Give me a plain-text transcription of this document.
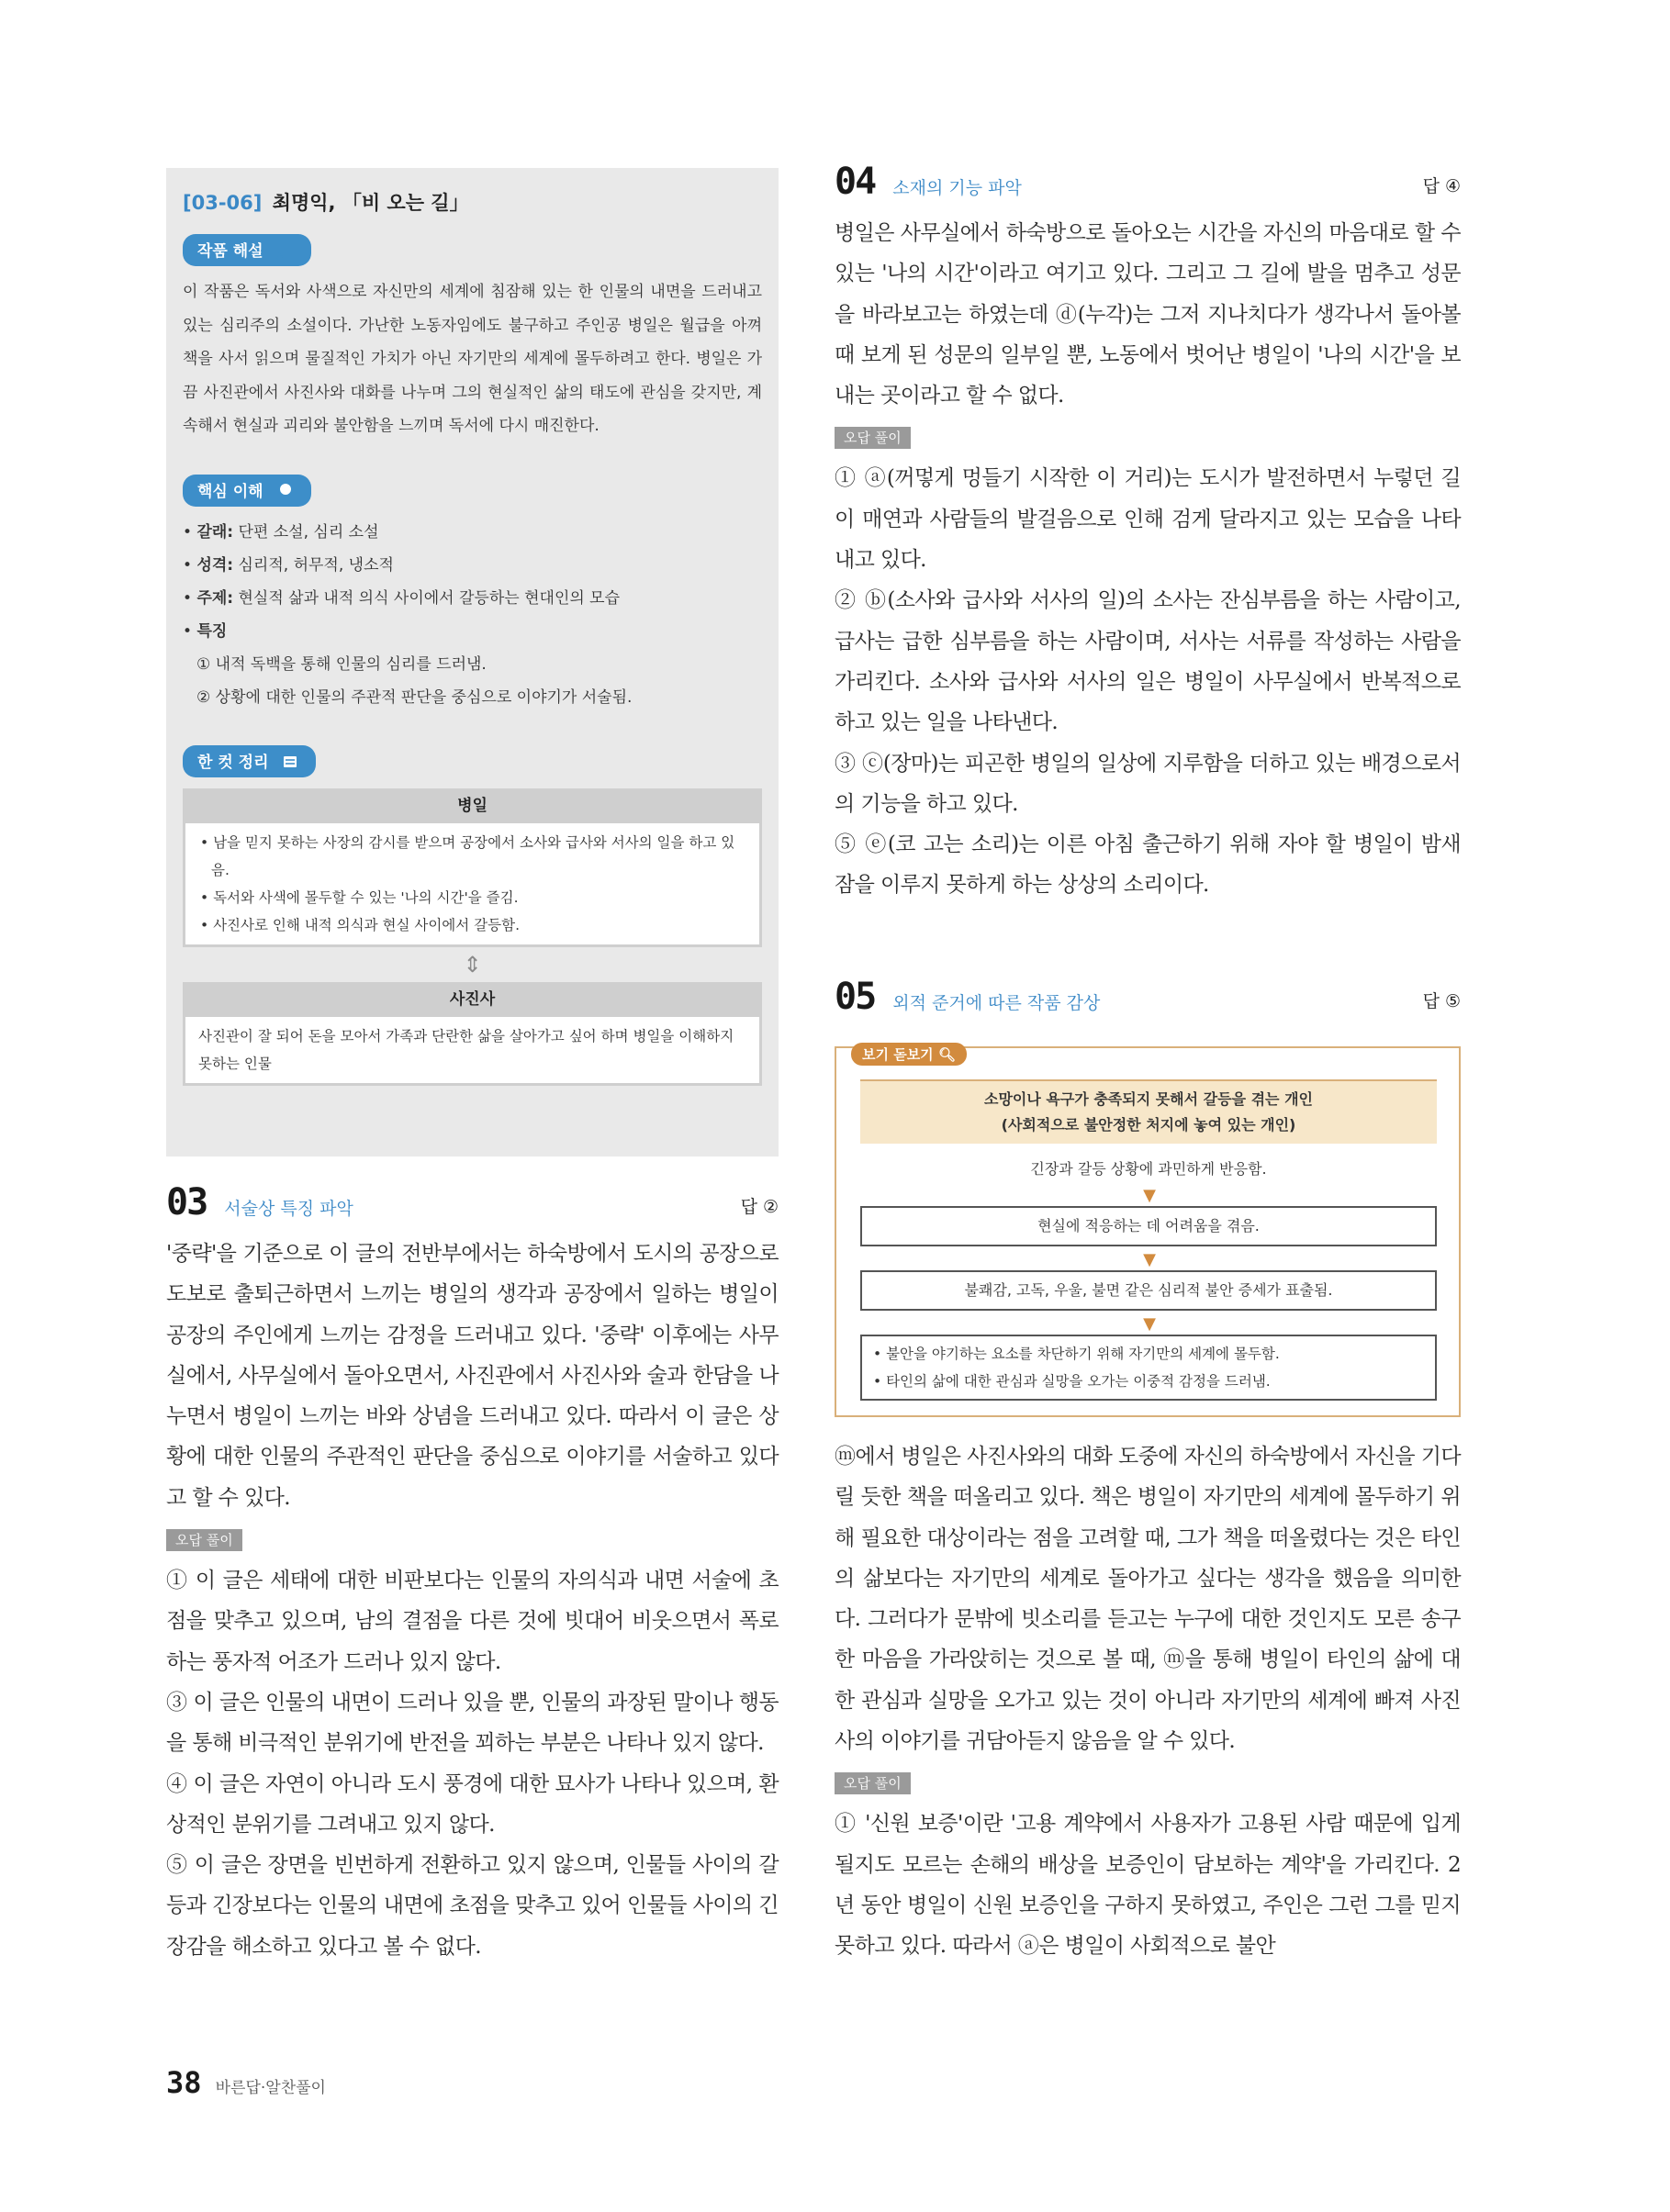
[03-06] 최명익, 「비 오는 길」
작품 해설

이 작품은 독서와 사색으로 자신만의 세계에 침잠해 있는 한 인물의 내면을 드러내고 있는 심리주의 소설이다. 가난한 노동자임에도 불구하고 주인공 병일은 월급을 아껴 책을 사서 읽으며 물질적인 가치가 아닌 자기만의 세계에 몰두하려고 한다. 병일은 가끔 사진관에서 사진사와 대화를 나누며 그의 현실적인 삶의 태도에 관심을 갖지만, 계속해서 현실과 괴리와 불안함을 느끼며 독서에 다시 매진한다.

핵심 이해
• 갈래: 단편 소설, 심리 소설
• 성격: 심리적, 허무적, 냉소적
• 주제: 현실적 삶과 내적 의식 사이에서 갈등하는 현대인의 모습
• 특징
① 내적 독백을 통해 인물의 심리를 드러냄.
② 상황에 대한 인물의 주관적 판단을 중심으로 이야기가 서술됨.
한 컷 정리
병일
• 남을 믿지 못하는 사장의 감시를 받으며 공장에서 소사와 급사와 서사의 일을 하고 있음.
• 독서와 사색에 몰두할 수 있는 '나의 시간'을 즐김.
• 사진사로 인해 내적 의식과 현실 사이에서 갈등함.
⇕
사진사
사진관이 잘 되어 돈을 모아서 가족과 단란한 삶을 살아가고 싶어 하며 병일을 이해하지 못하는 인물
03 서술상 특징 파악	답 ②

'중략'을 기준으로 이 글의 전반부에서는 하숙방에서 도시의 공장으로 도보로 출퇴근하면서 느끼는 병일의 생각과 공장에서 일하는 병일이 공장의 주인에게 느끼는 감정을 드러내고 있다. '중략' 이후에는 사무실에서, 사무실에서 돌아오면서, 사진관에서 사진사와 술과 한담을 나누면서 병일이 느끼는 바와 상념을 드러내고 있다. 따라서 이 글은 상황에 대한 인물의 주관적인 판단을 중심으로 이야기를 서술하고 있다고 할 수 있다.

오답 풀이

① 이 글은 세태에 대한 비판보다는 인물의 자의식과 내면 서술에 초점을 맞추고 있으며, 남의 결점을 다른 것에 빗대어 비웃으면서 폭로하는 풍자적 어조가 드러나 있지 않다.

③ 이 글은 인물의 내면이 드러나 있을 뿐, 인물의 과장된 말이나 행동을 통해 비극적인 분위기에 반전을 꾀하는 부분은 나타나 있지 않다.

④ 이 글은 자연이 아니라 도시 풍경에 대한 묘사가 나타나 있으며, 환상적인 분위기를 그려내고 있지 않다.

⑤ 이 글은 장면을 빈번하게 전환하고 있지 않으며, 인물들 사이의 갈등과 긴장보다는 인물의 내면에 초점을 맞추고 있어 인물들 사이의 긴장감을 해소하고 있다고 볼 수 없다.

04 소재의 기능 파악	답 ④

병일은 사무실에서 하숙방으로 돌아오는 시간을 자신의 마음대로 할 수 있는 '나의 시간'이라고 여기고 있다. 그리고 그 길에 발을 멈추고 성문을 바라보고는 하였는데 ⓓ(누각)는 그저 지나치다가 생각나서 돌아볼 때 보게 된 성문의 일부일 뿐, 노동에서 벗어난 병일이 '나의 시간'을 보내는 곳이라고 할 수 없다.

오답 풀이

① ⓐ(꺼멓게 멍들기 시작한 이 거리)는 도시가 발전하면서 누렇던 길이 매연과 사람들의 발걸음으로 인해 검게 달라지고 있는 모습을 나타내고 있다.

② ⓑ(소사와 급사와 서사의 일)의 소사는 잔심부름을 하는 사람이고, 급사는 급한 심부름을 하는 사람이며, 서사는 서류를 작성하는 사람을 가리킨다. 소사와 급사와 서사의 일은 병일이 사무실에서 반복적으로 하고 있는 일을 나타낸다.

③ ⓒ(장마)는 피곤한 병일의 일상에 지루함을 더하고 있는 배경으로서의 기능을 하고 있다.

⑤ ⓔ(코 고는 소리)는 이른 아침 출근하기 위해 자야 할 병일이 밤새 잠을 이루지 못하게 하는 상상의 소리이다.

05 외적 준거에 따른 작품 감상	답 ⑤
보기 돋보기 🔍︎
소망이나 욕구가 충족되지 못해서 갈등을 겪는 개인
(사회적으로 불안정한 처지에 놓여 있는 개인)
긴장과 갈등 상황에 과민하게 반응함.
▼
현실에 적응하는 데 어려움을 겪음.
▼
불쾌감, 고독, 우울, 불면 같은 심리적 불안 증세가 표출됨.
▼
• 불안을 야기하는 요소를 차단하기 위해 자기만의 세계에 몰두함.
• 타인의 삶에 대한 관심과 실망을 오가는 이중적 감정을 드러냄.

ⓜ에서 병일은 사진사와의 대화 도중에 자신의 하숙방에서 자신을 기다릴 듯한 책을 떠올리고 있다. 책은 병일이 자기만의 세계에 몰두하기 위해 필요한 대상이라는 점을 고려할 때, 그가 책을 떠올렸다는 것은 타인의 삶보다는 자기만의 세계로 돌아가고 싶다는 생각을 했음을 의미한다. 그러다가 문밖에 빗소리를 듣고는 누구에 대한 것인지도 모른 송구한 마음을 가라앉히는 것으로 볼 때, ⓜ을 통해 병일이 타인의 삶에 대한 관심과 실망을 오가고 있는 것이 아니라 자기만의 세계에 빠져 사진사의 이야기를 귀담아듣지 않음을 알 수 있다.

오답 풀이

① '신원 보증'이란 '고용 계약에서 사용자가 고용된 사람 때문에 입게 될지도 모르는 손해의 배상을 보증인이 담보하는 계약'을 가리킨다. 2년 동안 병일이 신원 보증인을 구하지 못하였고, 주인은 그런 그를 믿지 못하고 있다. 따라서 ⓐ은 병일이 사회적으로 불안

38 바른답·알찬풀이
